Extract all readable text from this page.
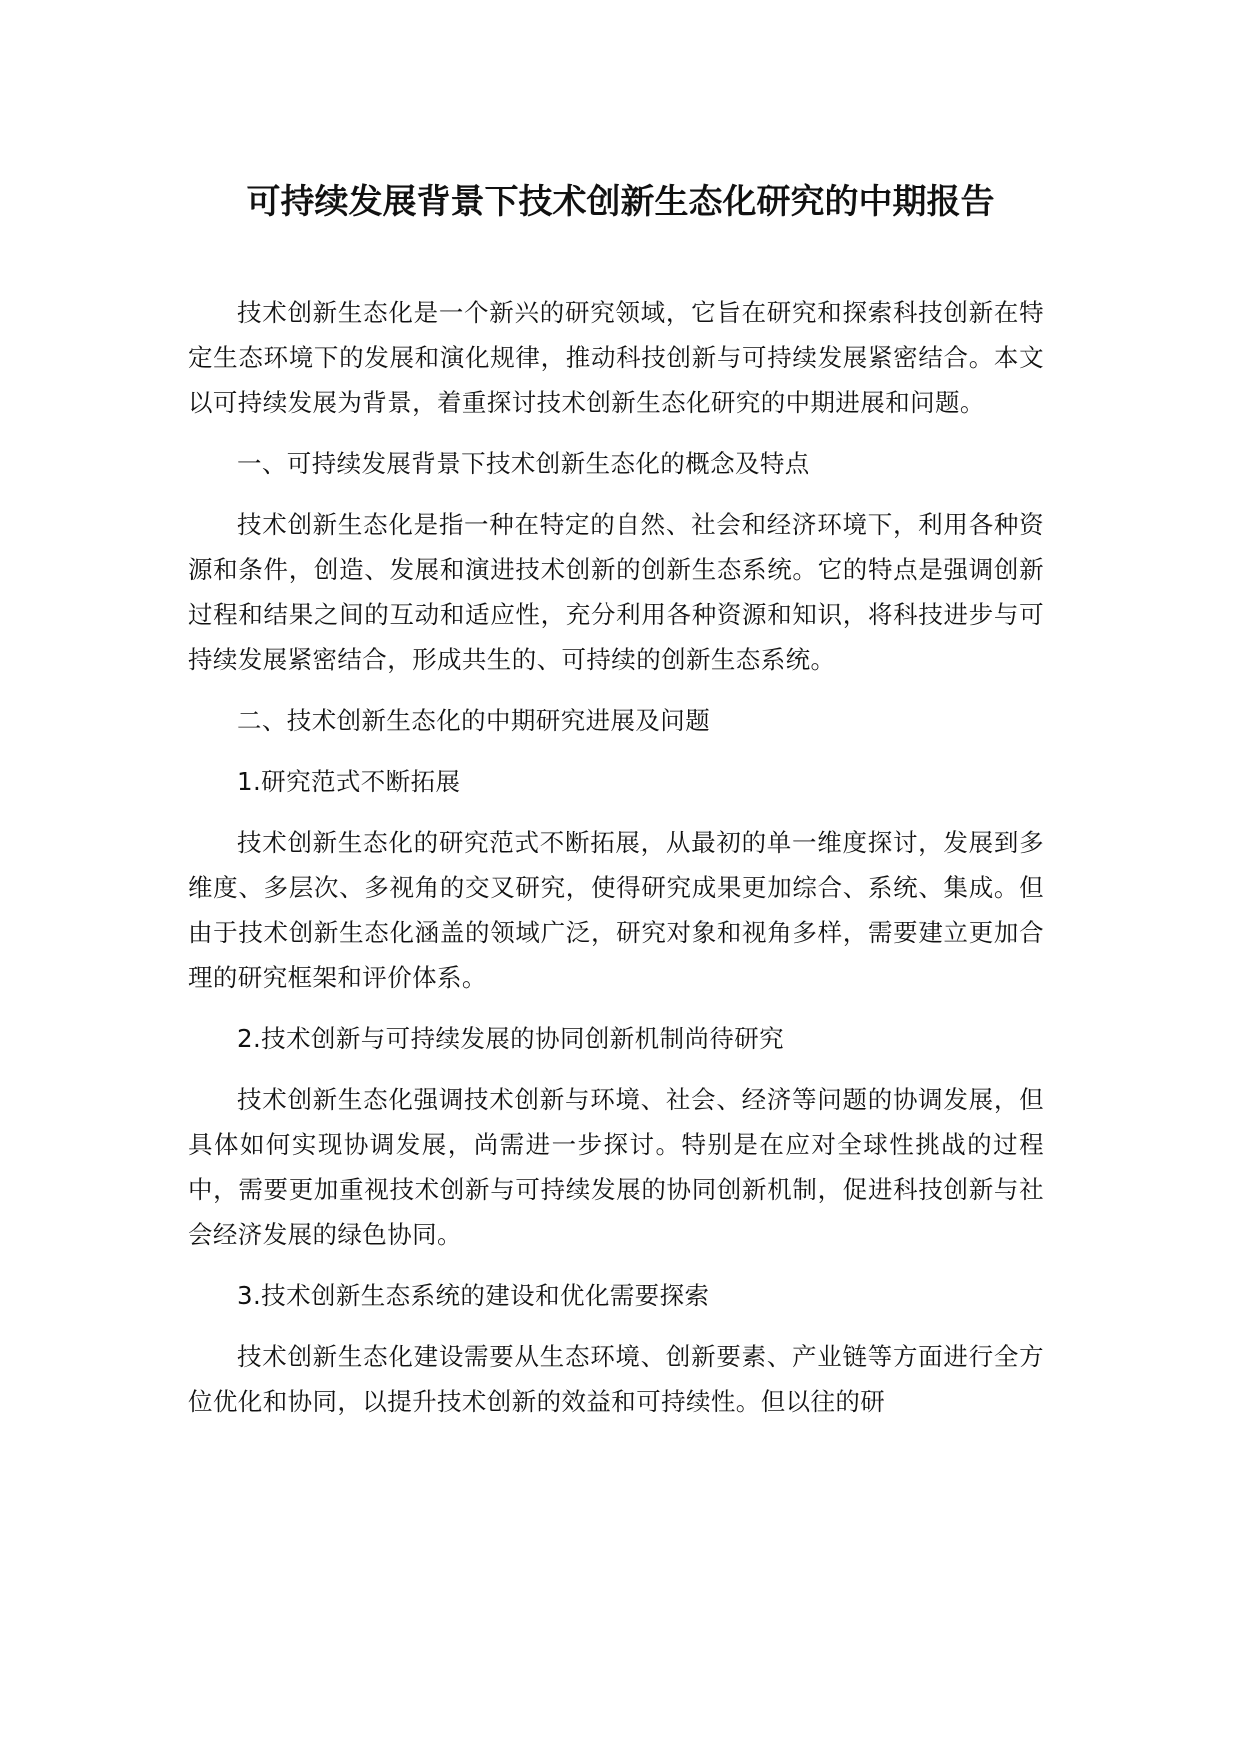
可持续发展背景下技术创新生态化研究的中期报告

技术创新生态化是一个新兴的研究领域，它旨在研究和探索科技创新在特定生态环境下的发展和演化规律，推动科技创新与可持续发展紧密结合。本文以可持续发展为背景，着重探讨技术创新生态化研究的中期进展和问题。

一、可持续发展背景下技术创新生态化的概念及特点

技术创新生态化是指一种在特定的自然、社会和经济环境下，利用各种资源和条件，创造、发展和演进技术创新的创新生态系统。它的特点是强调创新过程和结果之间的互动和适应性，充分利用各种资源和知识，将科技进步与可持续发展紧密结合，形成共生的、可持续的创新生态系统。

二、技术创新生态化的中期研究进展及问题

1.研究范式不断拓展

技术创新生态化的研究范式不断拓展，从最初的单一维度探讨，发展到多维度、多层次、多视角的交叉研究，使得研究成果更加综合、系统、集成。但由于技术创新生态化涵盖的领域广泛，研究对象和视角多样，需要建立更加合理的研究框架和评价体系。

2.技术创新与可持续发展的协同创新机制尚待研究

技术创新生态化强调技术创新与环境、社会、经济等问题的协调发展，但具体如何实现协调发展，尚需进一步探讨。特别是在应对全球性挑战的过程中，需要更加重视技术创新与可持续发展的协同创新机制，促进科技创新与社会经济发展的绿色协同。

3.技术创新生态系统的建设和优化需要探索

技术创新生态化建设需要从生态环境、创新要素、产业链等方面进行全方位优化和协同，以提升技术创新的效益和可持续性。但以往的研
